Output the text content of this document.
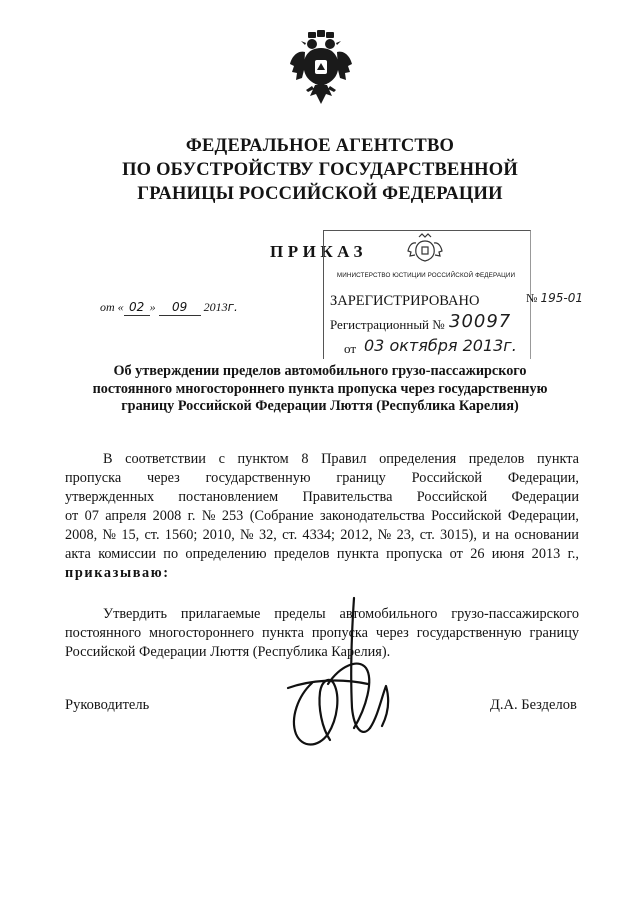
ФЕДЕРАЛЬНОЕ АГЕНТСТВО
ПО ОБУСТРОЙСТВУ ГОСУДАРСТВЕННОЙ
ГРАНИЦЫ РОССИЙСКОЙ ФЕДЕРАЦИИ
ПРИКАЗ
МИНИСТЕРСТВО ЮСТИЦИИ РОССИЙСКОЙ ФЕДЕРАЦИИ
ЗАРЕГИСТРИРОВАНО
Регистрационный № 30097
от 03 октября 2013г.
№ 195-01
от « 02 » 09 2013г.
Об утверждении пределов автомобильного грузо-пассажирского
постоянного многостороннего пункта пропуска через государственную
границу Российской Федерации Люття (Республика Карелия)
В соответствии с пунктом 8 Правил определения пределов пункта
пропуска через государственную границу Российской Федерации,
утвержденных постановлением Правительства Российской Федерации
от 07 апреля 2008 г. № 253 (Собрание законодательства Российской Федерации,
2008, № 15, ст. 1560; 2010, № 32, ст. 4334; 2012, № 23, ст. 3015), и на основании
акта комиссии по определению пределов пункта пропуска от 26 июня 2013 г.,
приказываю:
Утвердить прилагаемые пределы автомобильного грузо-пассажирского
постоянного многостороннего пункта пропуска через государственную границу
Российской Федерации Люття (Республика Карелия).
Руководитель	Д.А. Безделов
